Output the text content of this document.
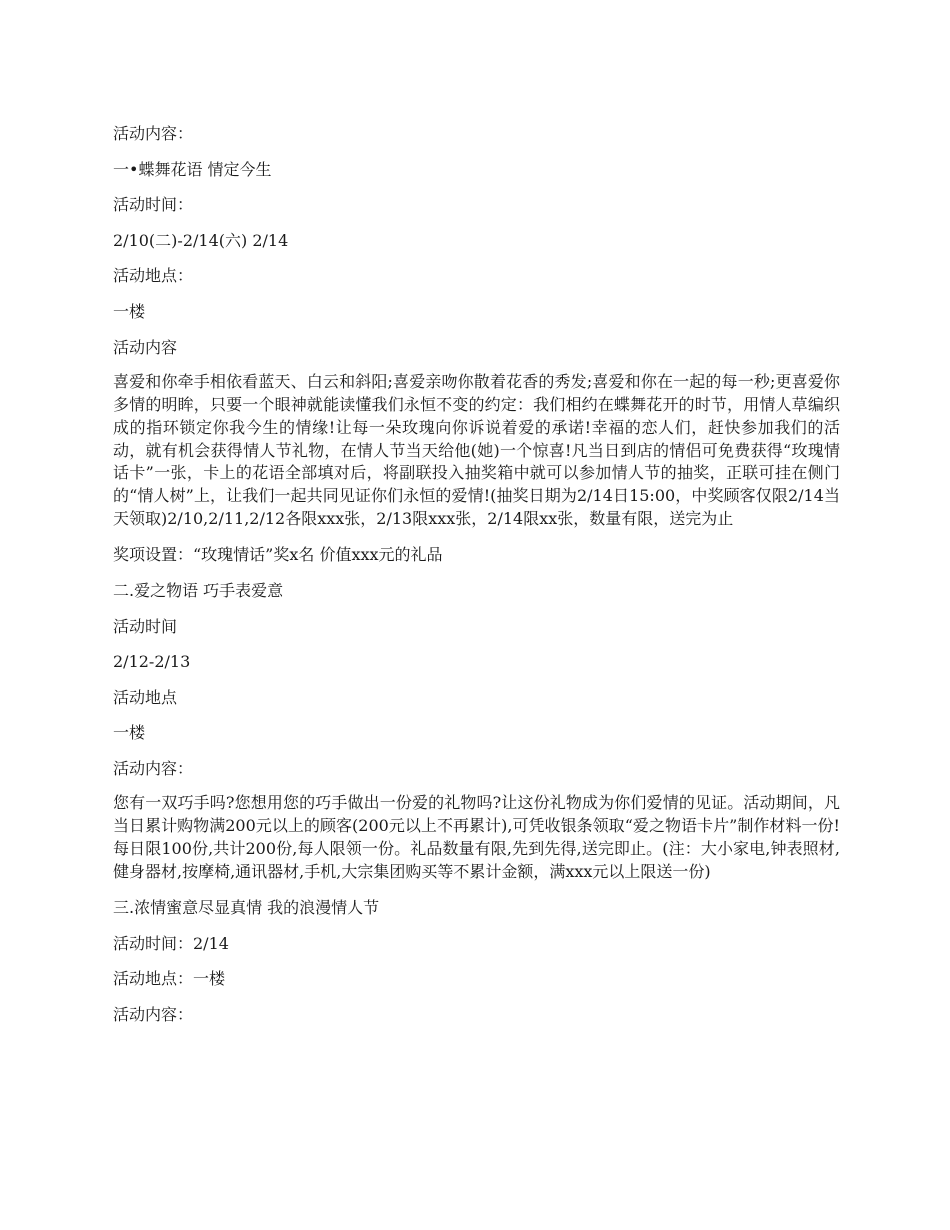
活动内容：

一•蝶舞花语 情定今生

活动时间：

2/10(二)-2/14(六) 2/14

活动地点：

一楼

活动内容

喜爱和你牵手相依看蓝天、白云和斜阳;喜爱亲吻你散着花香的秀发;喜爱和你在一起的每一秒;更喜爱你多情的明眸，只要一个眼神就能读懂我们永恒不变的约定：我们相约在蝶舞花开的时节，用情人草编织成的指环锁定你我今生的情缘!让每一朵玫瑰向你诉说着爱的承诺!幸福的恋人们，赶快参加我们的活动，就有机会获得情人节礼物，在情人节当天给他(她)一个惊喜!凡当日到店的情侣可免费获得“玫瑰情话卡”一张，卡上的花语全部填对后，将副联投入抽奖箱中就可以参加情人节的抽奖，正联可挂在侧门的“情人树”上，让我们一起共同见证你们永恒的爱情!(抽奖日期为2/14日15:00，中奖顾客仅限2/14当天领取)2/10,2/11,2/12各限xxx张，2/13限xxx张，2/14限xx张，数量有限，送完为止

奖项设置：“玫瑰情话”奖x名 价值xxx元的礼品

二.爱之物语 巧手表爱意

活动时间

2/12-2/13

活动地点

一楼

活动内容：

您有一双巧手吗?您想用您的巧手做出一份爱的礼物吗?让这份礼物成为你们爱情的见证。活动期间，凡当日累计购物满200元以上的顾客(200元以上不再累计),可凭收银条领取“爱之物语卡片”制作材料一份!每日限100份,共计200份,每人限领一份。礼品数量有限,先到先得,送完即止。(注：大小家电,钟表照材,健身器材,按摩椅,通讯器材,手机,大宗集团购买等不累计金额，满xxx元以上限送一份)

三.浓情蜜意尽显真情 我的浪漫情人节

活动时间：2/14

活动地点：一楼

活动内容：
